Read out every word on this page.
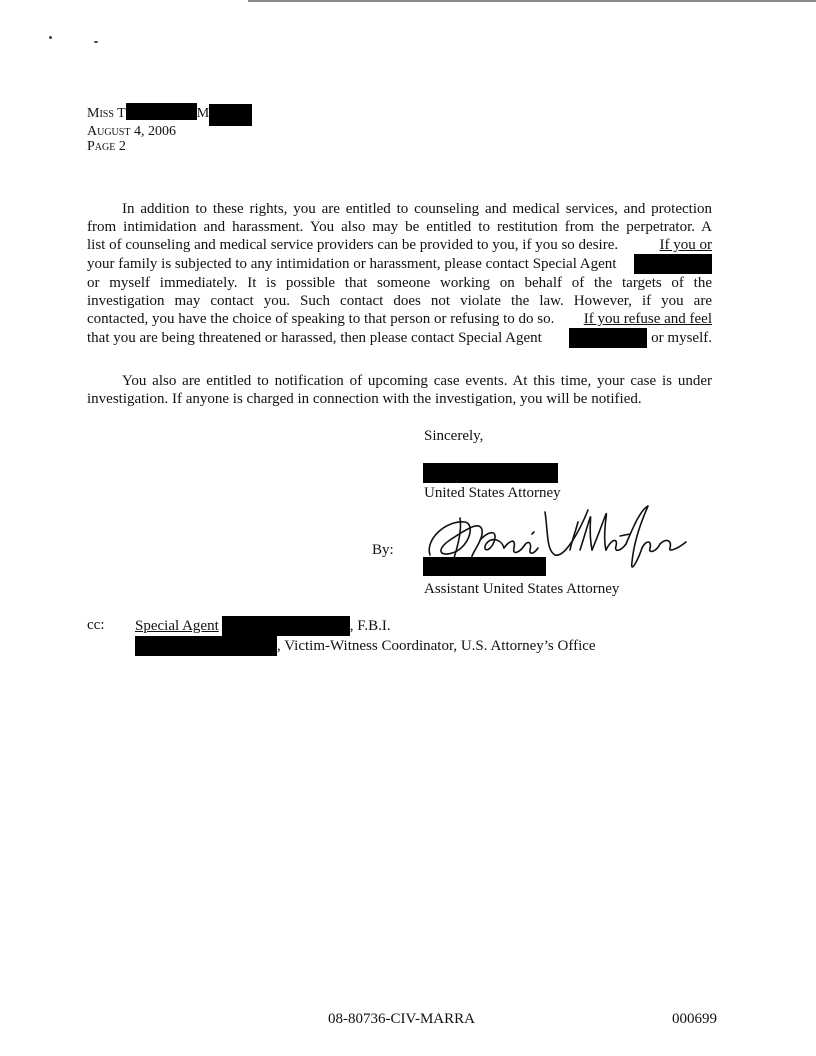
Miss T	M
August 4, 2006
Page 2
In addition to these rights, you are entitled to counseling and medical services, and protection
from intimidation and harassment. You also may be entitled to restitution from the perpetrator. A
list of counseling and medical service providers can be provided to you, if you so desire.	If you or
your family is subjected to any intimidation or harassment, please contact Special Agent
or myself immediately. It is possible that someone working on behalf of the targets of the
investigation may contact you. Such contact does not violate the law. However, if you are
contacted, you have the choice of speaking to that person or refusing to do so. If you refuse and feel
that you are being threatened or harassed, then please contact Special Agent	or myself.
You also are entitled to notification of upcoming case events. At this time, your case is under
investigation. If anyone is charged in connection with the investigation, you will be notified.
Sincerely,
United States Attorney
By:
Assistant United States Attorney
cc: Special Agent	, F.B.I.
, Victim-Witness Coordinator, U.S. Attorney’s Office
08-80736-CIV-MARRA	000699
